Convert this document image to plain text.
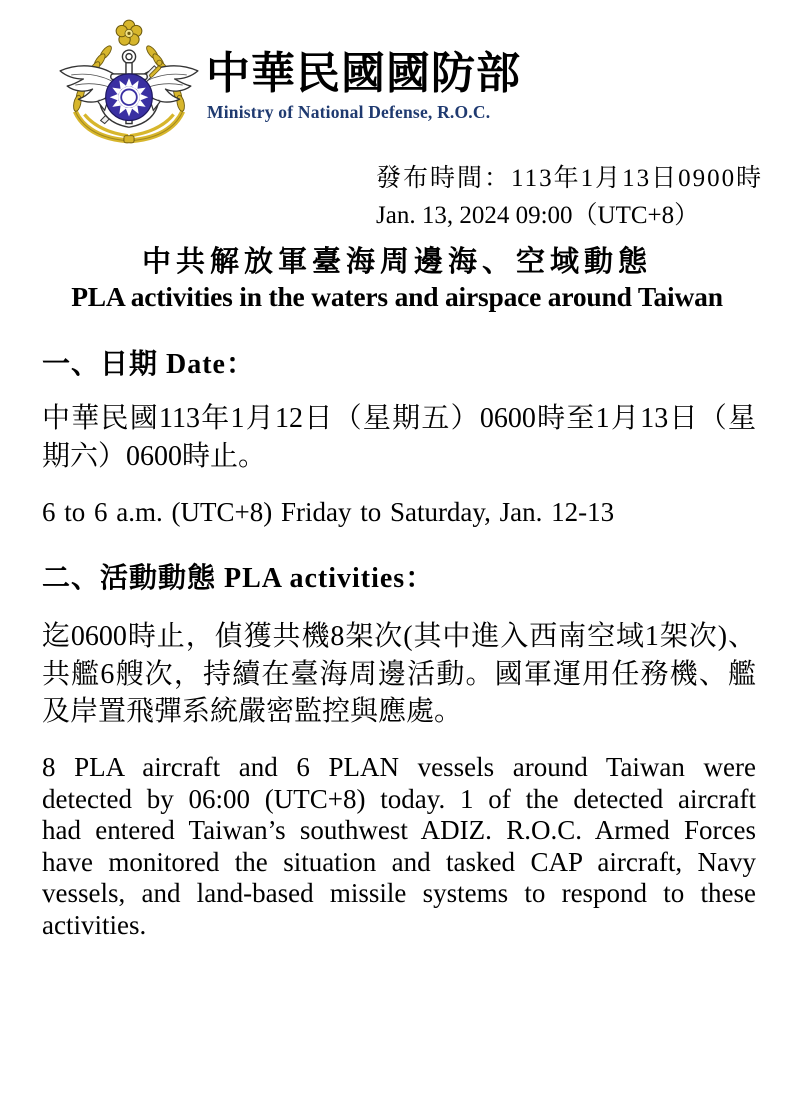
中華民國國防部
Ministry of National Defense, R.O.C.
發布時間：113年1月13日0900時
Jan. 13, 2024 09:00（UTC+8）
中共解放軍臺海周邊海、空域動態
PLA activities in the waters and airspace around Taiwan
一、日期 Date：
中華民國113年1月12日（星期五）0600時至1月13日（星
期六）0600時止。
6 to 6 a.m. (UTC+8) Friday to Saturday, Jan. 12-13
二、活動動態 PLA activities：
迄0600時止，偵獲共機8架次(其中進入西南空域1架次)、
共艦6艘次，持續在臺海周邊活動。國軍運用任務機、艦
及岸置飛彈系統嚴密監控與應處。
8 PLA aircraft and 6 PLAN vessels around Taiwan were
detected by 06:00 (UTC+8) today. 1 of the detected aircraft
had entered Taiwan’s southwest ADIZ. R.O.C. Armed Forces
have monitored the situation and tasked CAP aircraft, Navy
vessels, and land-based missile systems to respond to these
activities.
